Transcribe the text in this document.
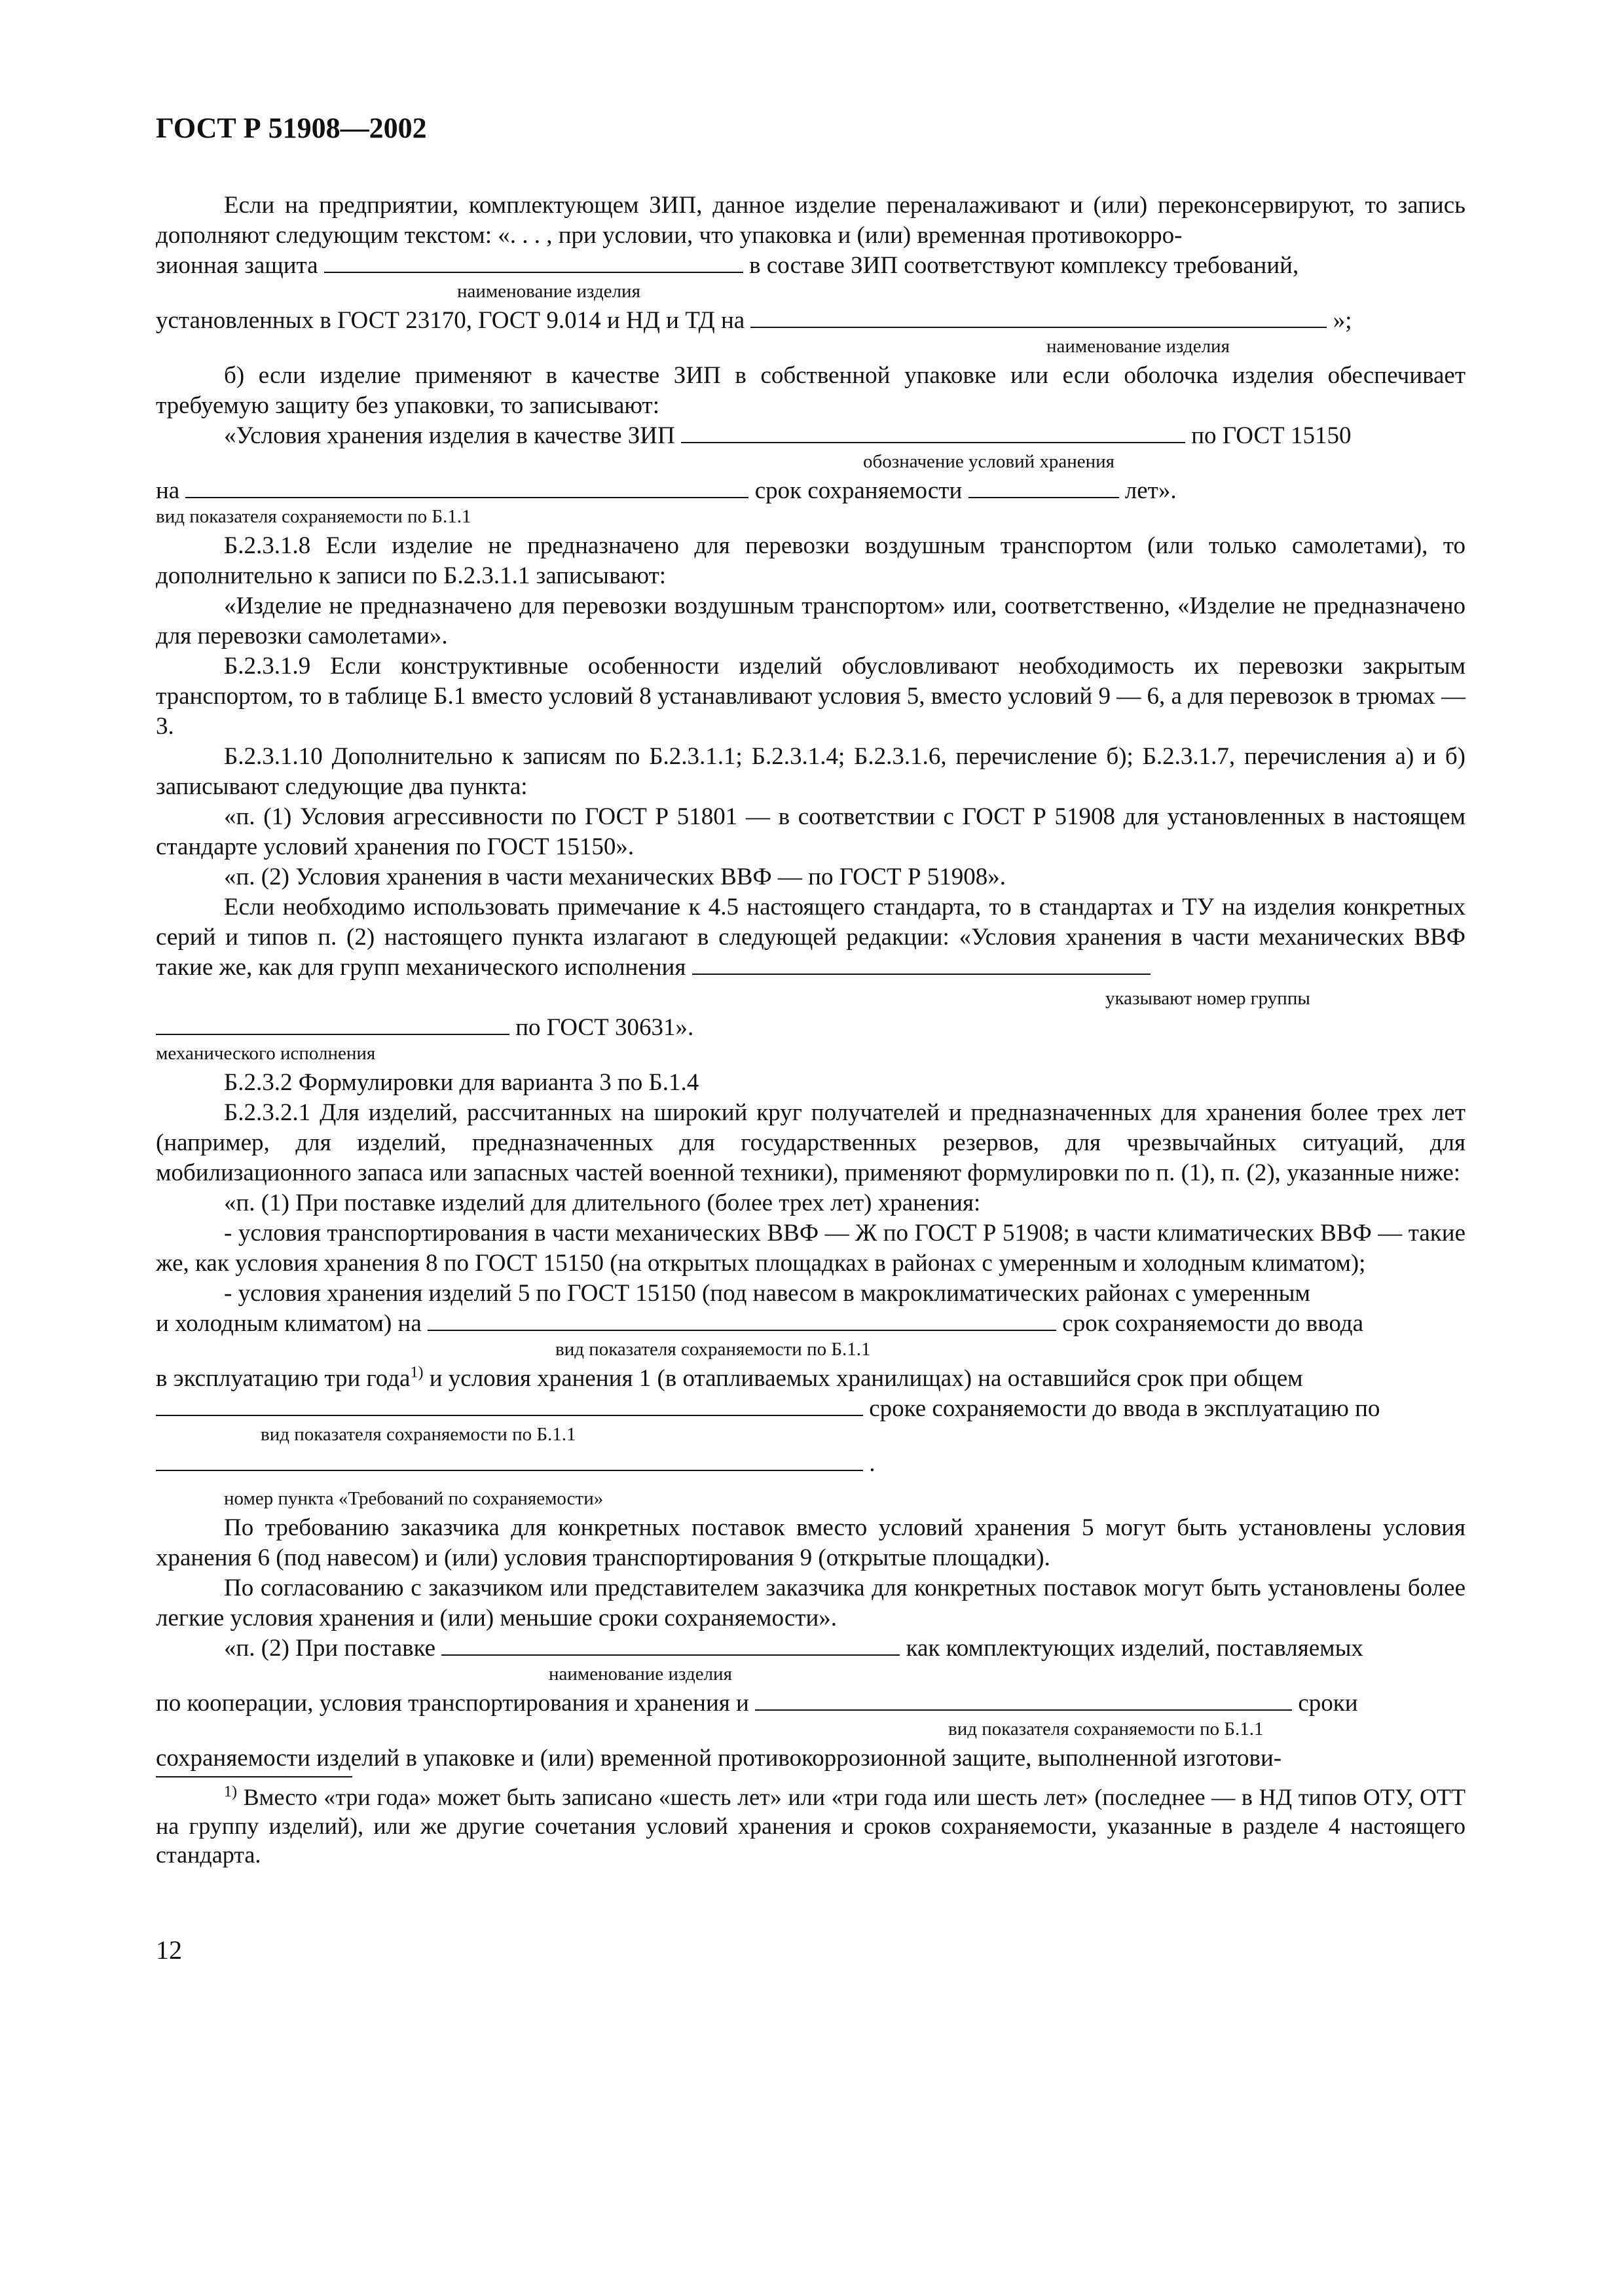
ГОСТ Р 51908—2002

Если на предприятии, комплектующем ЗИП, данное изделие переналаживают и (или) переконсервируют, то запись дополняют следующим текстом: «. . . , при условии, что упаковка и (или) временная противокорро-

зионная защита	в составе ЗИП соответствуют комплексу требований,

наименование изделия

установленных в ГОСТ 23170, ГОСТ 9.014 и НД и ТД на	»;

наименование изделия

б) если изделие применяют в качестве ЗИП в собственной упаковке или если оболочка изделия обеспечивает требуемую защиту без упаковки, то записывают:

«Условия хранения изделия в качестве ЗИП	по ГОСТ 15150

обозначение условий хранения

на	срок сохраняемости	лет».

вид показателя сохраняемости по Б.1.1

Б.2.3.1.8 Если изделие не предназначено для перевозки воздушным транспортом (или только самолетами), то дополнительно к записи по Б.2.3.1.1 записывают:

«Изделие не предназначено для перевозки воздушным транспортом» или, соответственно, «Изделие не предназначено для перевозки самолетами».

Б.2.3.1.9 Если конструктивные особенности изделий обусловливают необходимость их перевозки закрытым транспортом, то в таблице Б.1 вместо условий 8 устанавливают условия 5, вместо условий 9 — 6, а для перевозок в трюмах — 3.

Б.2.3.1.10 Дополнительно к записям по Б.2.3.1.1; Б.2.3.1.4; Б.2.3.1.6, перечисление б); Б.2.3.1.7, перечисления а) и б) записывают следующие два пункта:

«п. (1) Условия агрессивности по ГОСТ Р 51801 — в соответствии с ГОСТ Р 51908 для установленных в настоящем стандарте условий хранения по ГОСТ 15150».

«п. (2) Условия хранения в части механических ВВФ — по ГОСТ Р 51908».

Если необходимо использовать примечание к 4.5 настоящего стандарта, то в стандартах и ТУ на изделия конкретных серий и типов п. (2) настоящего пункта излагают в следующей редакции: «Условия хранения в части механических ВВФ такие же, как для групп механического исполнения

указывают номер группы

по ГОСТ 30631».

механического исполнения

Б.2.3.2 Формулировки для варианта 3 по Б.1.4

Б.2.3.2.1 Для изделий, рассчитанных на широкий круг получателей и предназначенных для хранения более трех лет (например, для изделий, предназначенных для государственных резервов, для чрезвычайных ситуаций, для мобилизационного запаса или запасных частей военной техники), применяют формулировки по п. (1), п. (2), указанные ниже:

«п. (1) При поставке изделий для длительного (более трех лет) хранения:

- условия транспортирования в части механических ВВФ — Ж по ГОСТ Р 51908; в части климатических ВВФ — такие же, как условия хранения 8 по ГОСТ 15150 (на открытых площадках в районах с умеренным и холодным климатом);

- условия хранения изделий 5 по ГОСТ 15150 (под навесом в макроклиматических районах с умеренным

и холодным климатом) на	срок сохраняемости до ввода

вид показателя сохраняемости по Б.1.1

в эксплуатацию три года$^{1)}$ и условия хранения 1 (в отапливаемых хранилищах) на оставшийся срок при общем

сроке сохраняемости до ввода в эксплуатацию по

вид показателя сохраняемости по Б.1.1

.

номер пункта «Требований по сохраняемости»

По требованию заказчика для конкретных поставок вместо условий хранения 5 могут быть установлены условия хранения 6 (под навесом) и (или) условия транспортирования 9 (открытые площадки).

По согласованию с заказчиком или представителем заказчика для конкретных поставок могут быть установлены более легкие условия хранения и (или) меньшие сроки сохраняемости».

«п. (2) При поставке	как комплектующих изделий, поставляемых

наименование изделия

по кооперации, условия транспортирования и хранения и	сроки

вид показателя сохраняемости по Б.1.1

сохраняемости изделий в упаковке и (или) временной противокоррозионной защите, выполненной изготови-

$^{1)}$ Вместо «три года» может быть записано «шесть лет» или «три года или шесть лет» (последнее — в НД типов ОТУ, ОТТ на группу изделий), или же другие сочетания условий хранения и сроков сохраняемости, указанные в разделе 4 настоящего стандарта.

12
